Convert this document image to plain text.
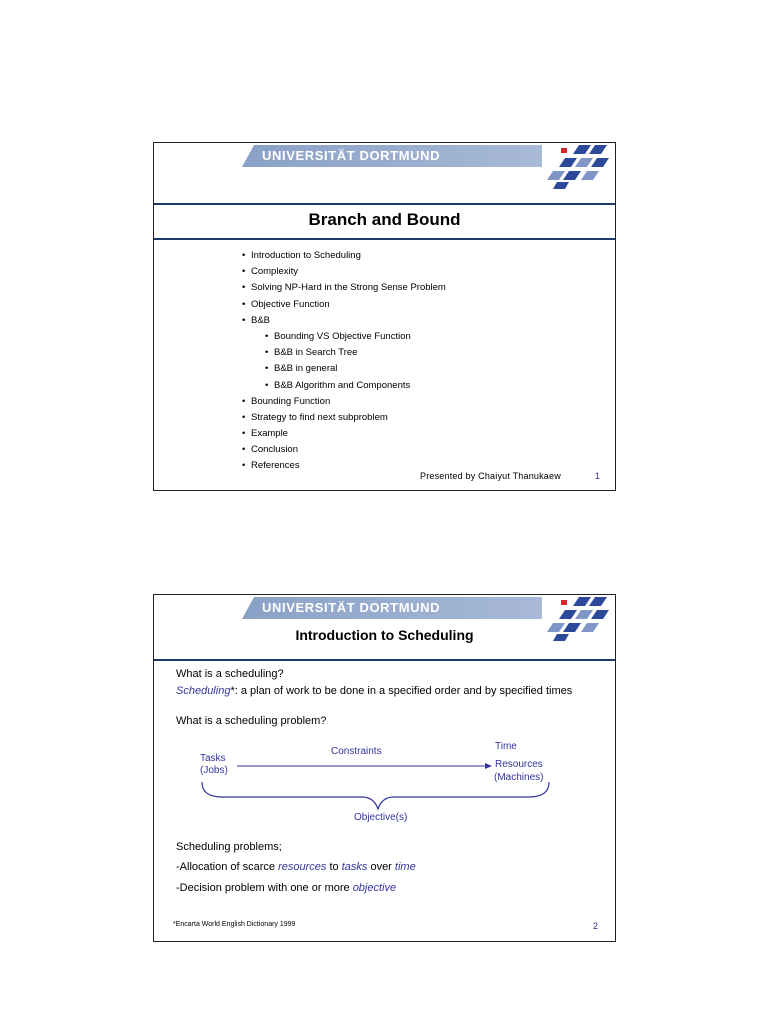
UNIVERSITÄT DORTMUND
Branch and Bound
• Introduction to Scheduling
• Complexity
• Solving NP-Hard in the Strong Sense Problem
• Objective Function
• B&B
• Bounding VS Objective Function
• B&B in Search Tree
• B&B in general
• B&B Algorithm and Components
• Bounding Function
• Strategy to find next subproblem
• Example
• Conclusion
• References
Presented by Chaiyut Thanukaew	1
UNIVERSITÄT DORTMUND
Introduction to Scheduling
What is a scheduling?
Scheduling*: a plan of work to be done in a specified order and by specified times
What is a scheduling problem?
Tasks
(Jobs)
Constraints	Time
Resources
(Machines)
Objective(s)
Scheduling problems;
-Allocation of scarce resources to tasks over time
-Decision problem with one or more objective
*Encarta World English Dictionary 1999	2
